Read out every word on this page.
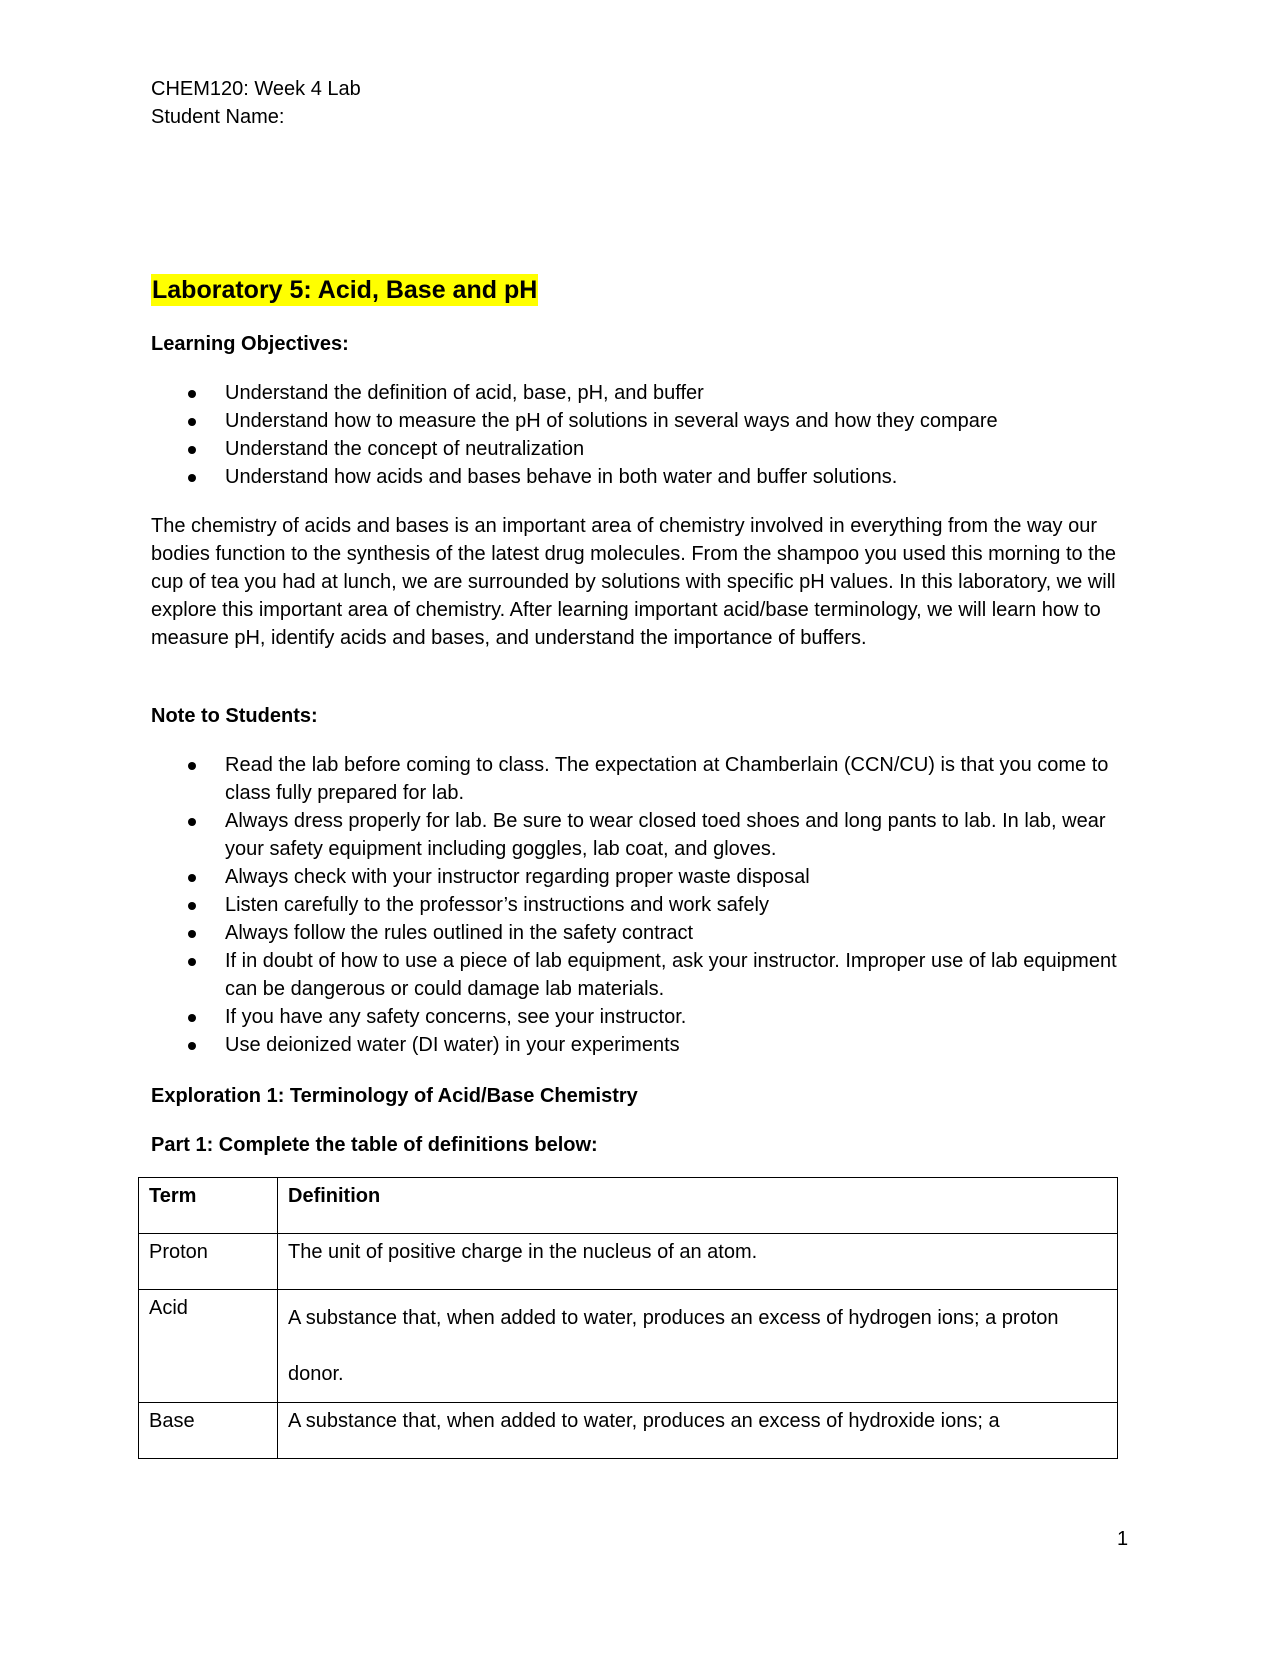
CHEM120: Week 4 Lab
Student Name:
Laboratory 5: Acid, Base and pH
Learning Objectives:
Understand the definition of acid, base, pH, and buffer
Understand how to measure the pH of solutions in several ways and how they compare
Understand the concept of neutralization
Understand how acids and bases behave in both water and buffer solutions.
The chemistry of acids and bases is an important area of chemistry involved in everything from the way our bodies function to the synthesis of the latest drug molecules. From the shampoo you used this morning to the cup of tea you had at lunch, we are surrounded by solutions with specific pH values. In this laboratory, we will explore this important area of chemistry. After learning important acid/base terminology, we will learn how to measure pH, identify acids and bases, and understand the importance of buffers.
Note to Students:
Read the lab before coming to class. The expectation at Chamberlain (CCN/CU) is that you come to class fully prepared for lab.
Always dress properly for lab. Be sure to wear closed toed shoes and long pants to lab. In lab, wear your safety equipment including goggles, lab coat, and gloves.
Always check with your instructor regarding proper waste disposal
Listen carefully to the professor’s instructions and work safely
Always follow the rules outlined in the safety contract
If in doubt of how to use a piece of lab equipment, ask your instructor. Improper use of lab equipment can be dangerous or could damage lab materials.
If you have any safety concerns, see your instructor.
Use deionized water (DI water) in your experiments
Exploration 1: Terminology of Acid/Base Chemistry
Part 1: Complete the table of definitions below:
Term	Definition
Proton	The unit of positive charge in the nucleus of an atom.
Acid	A substance that, when added to water, produces an excess of hydrogen ions; a proton donor.
Base	A substance that, when added to water, produces an excess of hydroxide ions; a
1
